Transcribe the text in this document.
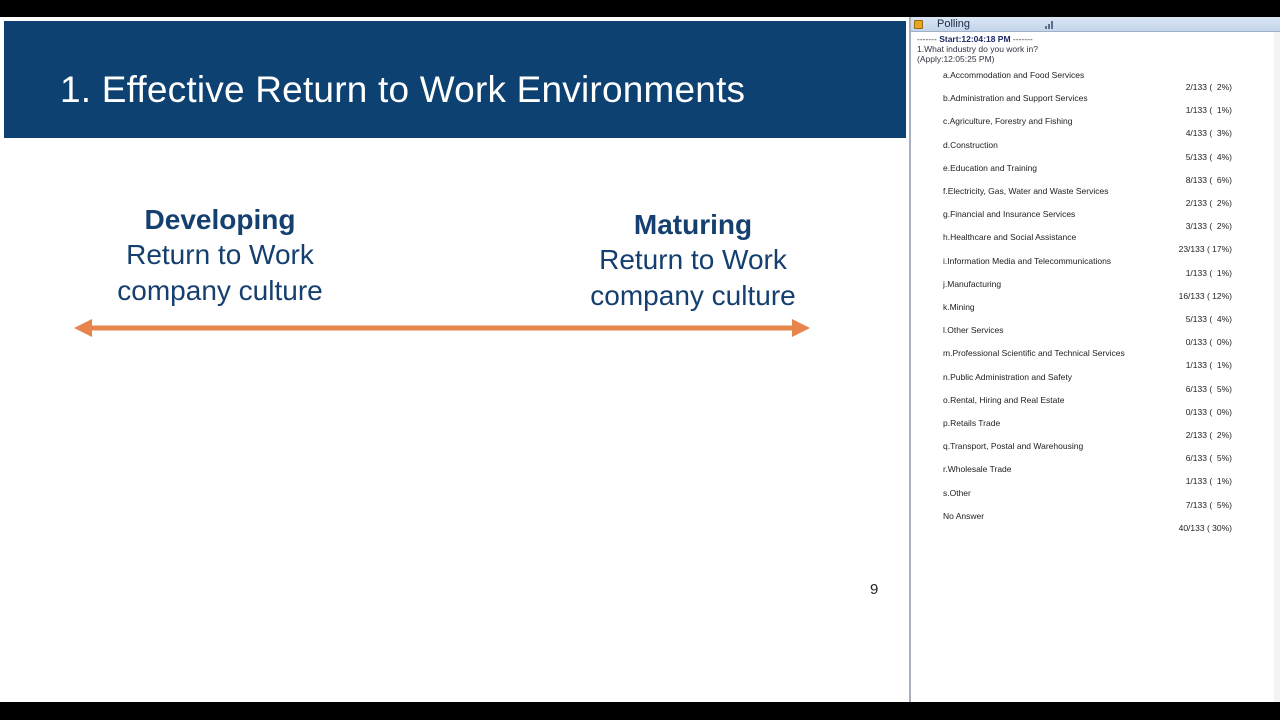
1. Effective Return to Work Environments
Developing
Return to Work
company culture
Maturing
Return to Work
company culture
9
Polling
------- Start:12:04:18 PM -------
1.What industry do you work in?
(Apply:12:05:25 PM)
a.Accommodation and Food Services
2/133 (  2%)
b.Administration and Support Services
1/133 (  1%)
c.Agriculture, Forestry and Fishing
4/133 (  3%)
d.Construction
5/133 (  4%)
e.Education and Training
8/133 (  6%)
f.Electricity, Gas, Water and Waste Services
2/133 (  2%)
g.Financial and Insurance Services
3/133 (  2%)
h.Healthcare and Social Assistance
23/133 ( 17%)
i.Information Media and Telecommunications
1/133 (  1%)
j.Manufacturing
16/133 ( 12%)
k.Mining
5/133 (  4%)
l.Other Services
0/133 (  0%)
m.Professional Scientific and Technical Services
1/133 (  1%)
n.Public Administration and Safety
6/133 (  5%)
o.Rental, Hiring and Real Estate
0/133 (  0%)
p.Retails Trade
2/133 (  2%)
q.Transport, Postal and Warehousing
6/133 (  5%)
r.Wholesale Trade
1/133 (  1%)
s.Other
7/133 (  5%)
No Answer
40/133 ( 30%)
